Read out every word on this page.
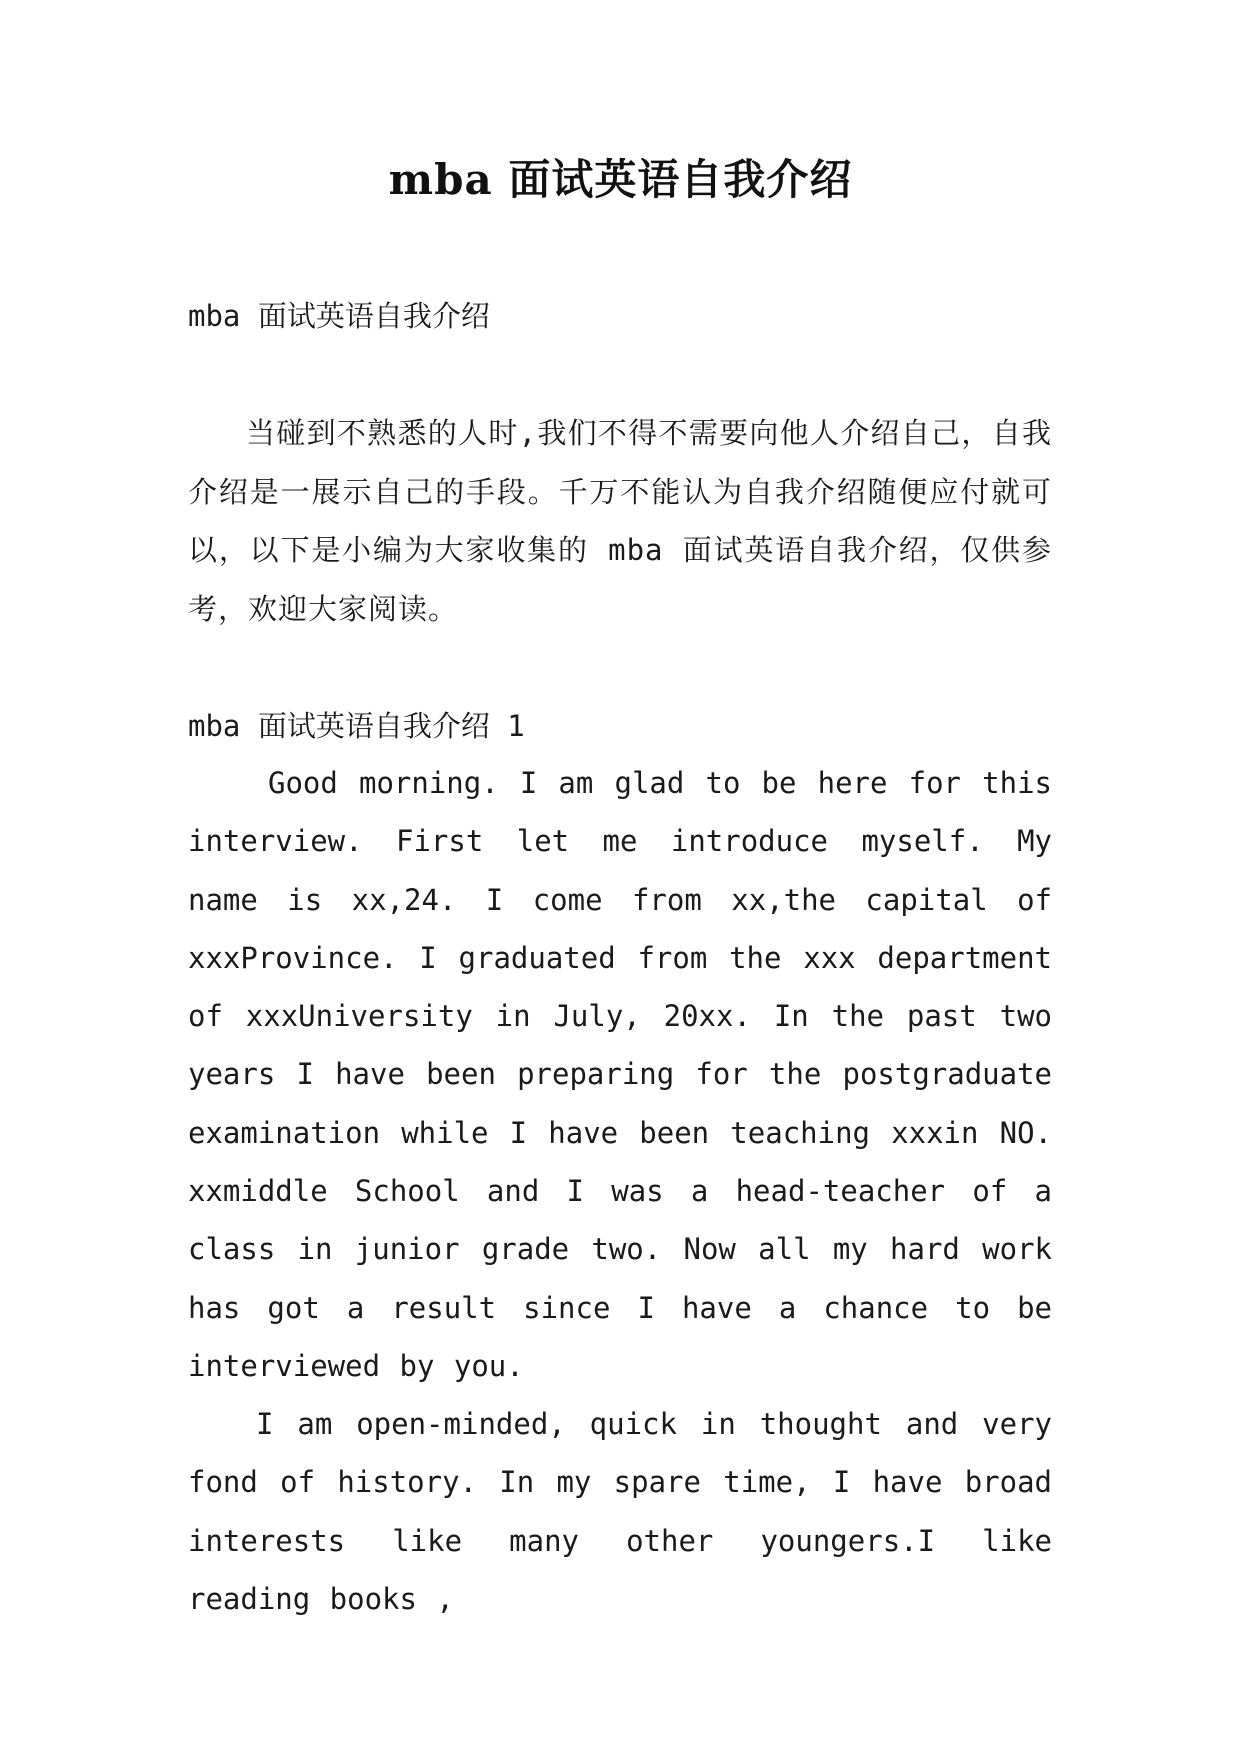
mba 面试英语自我介绍
mba 面试英语自我介绍

当碰到不熟悉的人时,我们不得不需要向他人介绍自己，自我介绍是一展示自己的手段。千万不能认为自我介绍随便应付就可以，以下是小编为大家收集的 mba 面试英语自我介绍，仅供参考，欢迎大家阅读。

mba 面试英语自我介绍 1

Good morning. I am glad to be here for this interview. First let me introduce myself. My name is xx,24. I come from xx,the capital of xxxProvince. I graduated from the xxx department of xxxUniversity in July, 20xx. In the past two years I have been preparing for the postgraduate examination while I have been teaching xxxin NO. xxmiddle School and I was a head-teacher of a class in junior grade two. Now all my hard work has got a result since I have a chance to be interviewed by you.

I am open-minded, quick in thought and very fond of history. In my spare time, I have broad interests like many other youngers.I like reading books ,
